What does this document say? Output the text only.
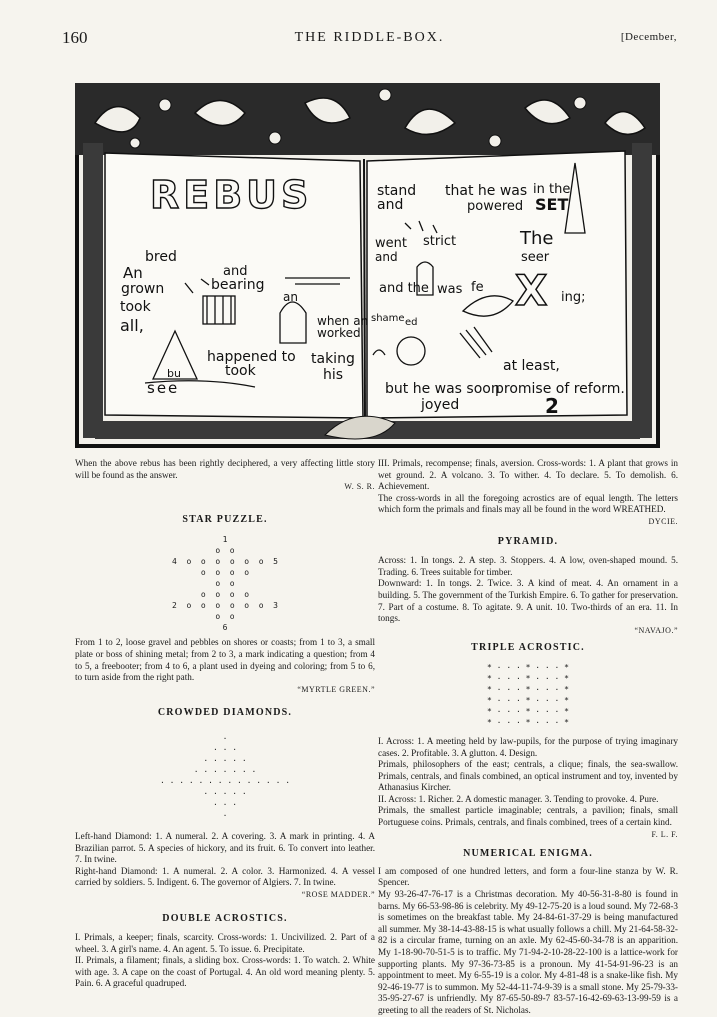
160	THE RIDDLE-BOX.	[December,
REBUS
bred
An
grown
and
bearing
took
an
all,	when an
worked
happened to taking
took	his
bu
see
stand
and
that he was
powered
in the
SET
went
and
strict	The
seer
and the was fe X ing;
at least,
but he was soon
joyed
promise of reform.
2
ed
shame

When the above rebus has been rightly deciphered, a very affecting little story will be found as the answer.

W. S. R.

STAR PUZZLE.

1

o  o

4  o  o  o  o  o  o  5

o  o  o  o

o  o

o  o  o  o

2  o  o  o  o  o  o  3

o  o

6

From 1 to 2, loose gravel and pebbles on shores or coasts; from 1 to 3, a small plate or boss of shining metal; from 2 to 3, a mark indicating a question; from 4 to 5, a freebooter; from 4 to 6, a plant used in dyeing and coloring; from 5 to 6, to turn aside from the right path.

“MYRTLE GREEN.”

CROWDED DIAMONDS.

·

· · ·

· · · · ·

· · · · · · ·

· · · · · · · · · · · · · ·

· · · · ·

· · ·

·

Left-hand Diamond: 1. A numeral. 2. A covering. 3. A mark in printing. 4. A Brazilian parrot. 5. A species of hickory, and its fruit. 6. To convert into leather. 7. In twine.

Right-hand Diamond: 1. A numeral. 2. A color. 3. Harmonized. 4. A vessel carried by soldiers. 5. Indigent. 6. The governor of Algiers. 7. In twine.

“ROSE MADDER.”

DOUBLE ACROSTICS.

I. Primals, a keeper; finals, scarcity. Cross-words: 1. Uncivilized. 2. Part of a wheel. 3. A girl's name. 4. An agent. 5. To issue. 6. Precipitate.

II. Primals, a filament; finals, a sliding box. Cross-words: 1. To watch. 2. White with age. 3. A cape on the coast of Portugal. 4. An old word meaning plenty. 5. Pain. 6. A graceful quadruped.

III. Primals, recompense; finals, aversion. Cross-words: 1. A plant that grows in wet ground. 2. A volcano. 3. To wither. 4. To declare. 5. To demolish. 6. Achievement.

The cross-words in all the foregoing acrostics are of equal length. The letters which form the primals and finals may all be found in the word WREATHED.

DYCIE.

PYRAMID.

Across: 1. In tongs. 2. A step. 3. Stoppers. 4. A low, oven-shaped mound. 5. Trading. 6. Trees suitable for timber.

Downward: 1. In tongs. 2. Twice. 3. A kind of meat. 4. An ornament in a building. 5. The government of the Turkish Empire. 6. To gather for preservation. 7. Part of a costume. 8. To agitate. 9. A unit. 10. Two-thirds of an era. 11. In tongs.

“NAVAJO.”

TRIPLE ACROSTIC.

* · · · * · · · *

* · · · * · · · *

* · · · * · · · *

* · · · * · · · *

* · · · * · · · *

* · · · * · · · *

I. Across: 1. A meeting held by law-pupils, for the purpose of trying imaginary cases. 2. Profitable. 3. A glutton. 4. Design.

Primals, philosophers of the east; centrals, a clique; finals, the sea-swallow. Primals, centrals, and finals combined, an optical instrument and toy, invented by Athanasius Kircher.

II. Across: 1. Richer. 2. A domestic manager. 3. Tending to provoke. 4. Pure.

Primals, the smallest particle imaginable; centrals, a pavilion; finals, small Portuguese coins. Primals, centrals, and finals combined, trees of a certain kind.

F. L. F.

NUMERICAL ENIGMA.

I am composed of one hundred letters, and form a four-line stanza by W. R. Spencer.

My 93-26-47-76-17 is a Christmas decoration. My 40-56-31-8-80 is found in barns. My 66-53-98-86 is celebrity. My 49-12-75-20 is a loud sound. My 72-68-3 is sometimes on the breakfast table. My 24-84-61-37-29 is being manufactured all summer. My 38-14-43-88-15 is what usually follows a chill. My 21-64-58-32-82 is a circular frame, turning on an axle. My 62-45-60-34-78 is an apparition. My 1-18-90-70-51-5 is to traffic. My 71-94-2-10-28-22-100 is a lattice-work for supporting plants. My 97-36-73-85 is a pronoun. My 41-54-91-96-23 is an appointment to meet. My 6-55-19 is a color. My 4-81-48 is a snake-like fish. My 92-46-19-77 is to summon. My 52-44-11-74-9-39 is a small stone. My 25-79-33-35-95-27-67 is unfriendly. My 87-65-50-89-7 83-57-16-42-69-63-13-99-59 is a greeting to all the readers of St. Nicholas.
